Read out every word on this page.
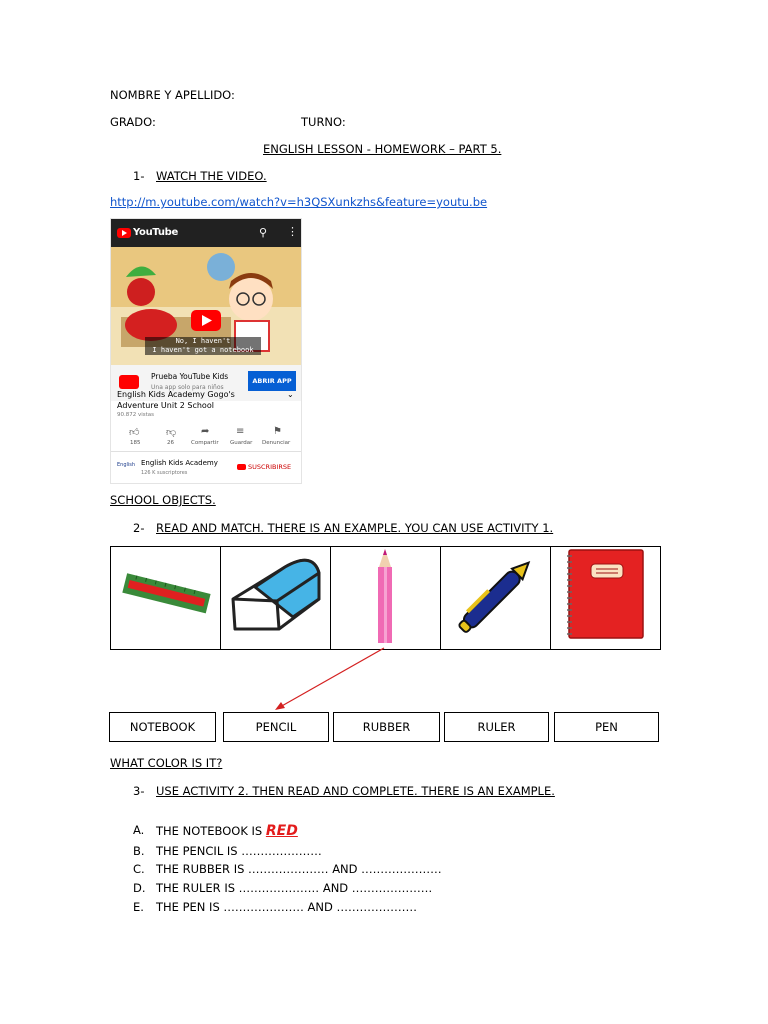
NOMBRE Y APELLIDO:
GRADO:	TURNO:
ENGLISH LESSON - HOMEWORK – PART 5.
1- WATCH THE VIDEO.
http://m.youtube.com/watch?v=h3QSXunkzhs&feature=youtu.be
YouTube	⚲ ⋮
No, I haven't
I haven't got a notebook
Prueba YouTube Kids
Una app solo para niños
ABRIR APP
English Kids Academy Gogo's	⌄
Adventure Unit 2 School
90.872 vistas
👍︎
185
👎︎
26
➦
Compartir
≡
Guardar
⚑
Denunciar
English English Kids Academy
126 K suscriptores
SUSCRIBIRSE
SCHOOL OBJECTS.
2- READ AND MATCH. THERE IS AN EXAMPLE. YOU CAN USE ACTIVITY 1.

NOTEBOOK	PENCIL	RUBBER	RULER	PEN
WHAT COLOR IS IT?
3- USE ACTIVITY 2. THEN READ AND COMPLETE. THERE IS AN EXAMPLE.
A. THE NOTEBOOK IS RED
B. THE PENCIL IS …………………
C. THE RUBBER IS ………………… AND …………………
D. THE RULER IS ………………… AND …………………
E. THE PEN IS ………………… AND …………………
